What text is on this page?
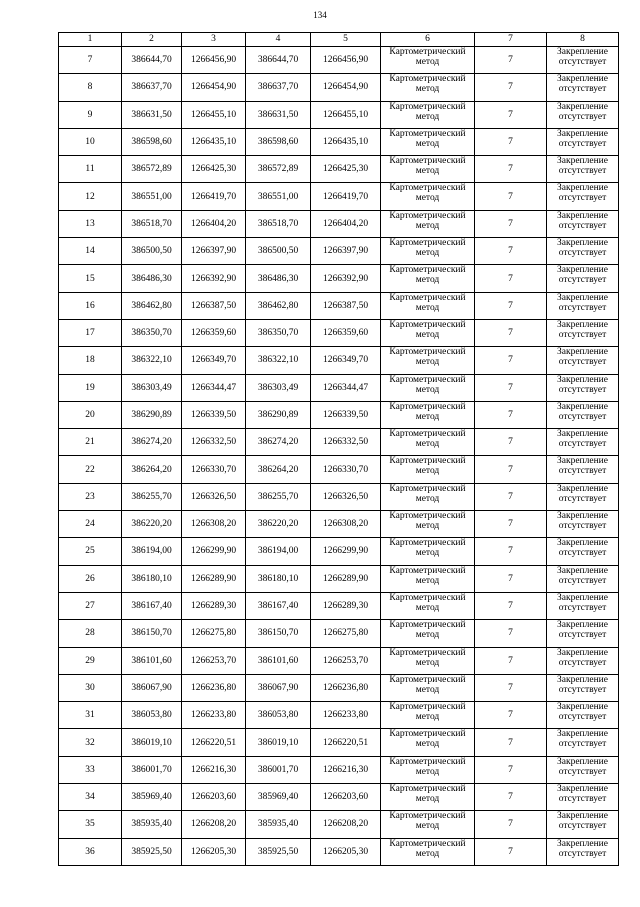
134
1	2	3	4	5	6	7	8
7	386644,70	1266456,90	386644,70	1266456,90	Картометрический метод	7	Закрепление отсутствует
8	386637,70	1266454,90	386637,70	1266454,90	Картометрический метод	7	Закрепление отсутствует
9	386631,50	1266455,10	386631,50	1266455,10	Картометрический метод	7	Закрепление отсутствует
10	386598,60	1266435,10	386598,60	1266435,10	Картометрический метод	7	Закрепление отсутствует
11	386572,89	1266425,30	386572,89	1266425,30	Картометрический метод	7	Закрепление отсутствует
12	386551,00	1266419,70	386551,00	1266419,70	Картометрический метод	7	Закрепление отсутствует
13	386518,70	1266404,20	386518,70	1266404,20	Картометрический метод	7	Закрепление отсутствует
14	386500,50	1266397,90	386500,50	1266397,90	Картометрический метод	7	Закрепление отсутствует
15	386486,30	1266392,90	386486,30	1266392,90	Картометрический метод	7	Закрепление отсутствует
16	386462,80	1266387,50	386462,80	1266387,50	Картометрический метод	7	Закрепление отсутствует
17	386350,70	1266359,60	386350,70	1266359,60	Картометрический метод	7	Закрепление отсутствует
18	386322,10	1266349,70	386322,10	1266349,70	Картометрический метод	7	Закрепление отсутствует
19	386303,49	1266344,47	386303,49	1266344,47	Картометрический метод	7	Закрепление отсутствует
20	386290,89	1266339,50	386290,89	1266339,50	Картометрический метод	7	Закрепление отсутствует
21	386274,20	1266332,50	386274,20	1266332,50	Картометрический метод	7	Закрепление отсутствует
22	386264,20	1266330,70	386264,20	1266330,70	Картометрический метод	7	Закрепление отсутствует
23	386255,70	1266326,50	386255,70	1266326,50	Картометрический метод	7	Закрепление отсутствует
24	386220,20	1266308,20	386220,20	1266308,20	Картометрический метод	7	Закрепление отсутствует
25	386194,00	1266299,90	386194,00	1266299,90	Картометрический метод	7	Закрепление отсутствует
26	386180,10	1266289,90	386180,10	1266289,90	Картометрический метод	7	Закрепление отсутствует
27	386167,40	1266289,30	386167,40	1266289,30	Картометрический метод	7	Закрепление отсутствует
28	386150,70	1266275,80	386150,70	1266275,80	Картометрический метод	7	Закрепление отсутствует
29	386101,60	1266253,70	386101,60	1266253,70	Картометрический метод	7	Закрепление отсутствует
30	386067,90	1266236,80	386067,90	1266236,80	Картометрический метод	7	Закрепление отсутствует
31	386053,80	1266233,80	386053,80	1266233,80	Картометрический метод	7	Закрепление отсутствует
32	386019,10	1266220,51	386019,10	1266220,51	Картометрический метод	7	Закрепление отсутствует
33	386001,70	1266216,30	386001,70	1266216,30	Картометрический метод	7	Закрепление отсутствует
34	385969,40	1266203,60	385969,40	1266203,60	Картометрический метод	7	Закрепление отсутствует
35	385935,40	1266208,20	385935,40	1266208,20	Картометрический метод	7	Закрепление отсутствует
36	385925,50	1266205,30	385925,50	1266205,30	Картометрический метод	7	Закрепление отсутствует
